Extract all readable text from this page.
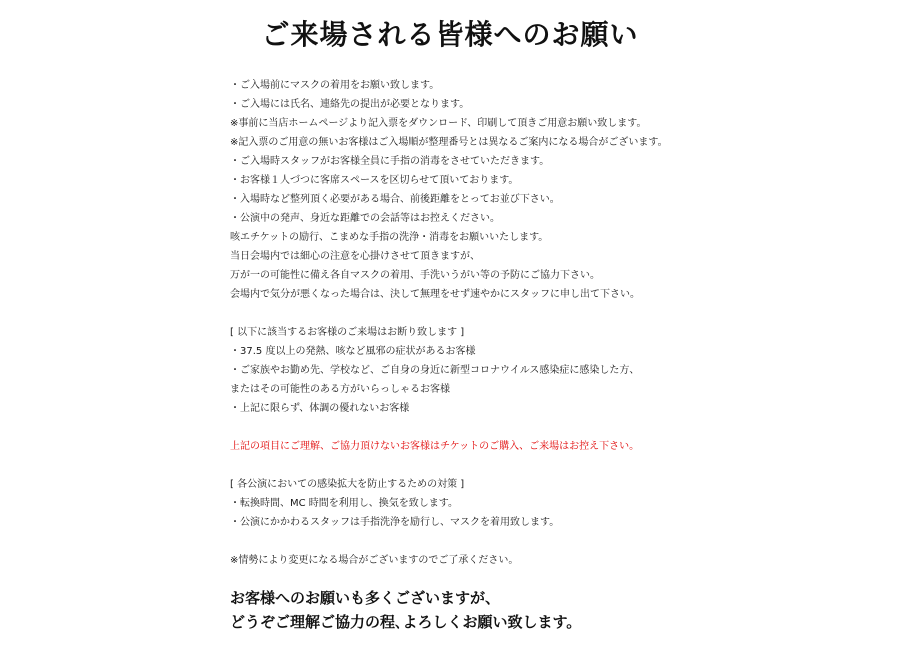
ご来場される皆様へのお願い
・ご入場前にマスクの着用をお願い致します。
・ご入場には氏名、連絡先の提出が必要となります。
※事前に当店ホームページより記入票をダウンロード、印刷して頂きご用意お願い致します。
※記入票のご用意の無いお客様はご入場順が整理番号とは異なるご案内になる場合がございます。
・ご入場時スタッフがお客様全員に手指の消毒をさせていただきます。
・お客様１人づつに客席スペースを区切らせて頂いております。
・入場時など整列頂く必要がある場合、前後距離をとってお並び下さい。
・公演中の発声、身近な距離での会話等はお控えください。
咳エチケットの励行、こまめな手指の洗浄・消毒をお願いいたします。
当日会場内では細心の注意を心掛けさせて頂きますが、
万が一の可能性に備え各自マスクの着用、手洗いうがい等の予防にご協力下さい。
会場内で気分が悪くなった場合は、決して無理をせず速やかにスタッフに申し出て下さい。
[ 以下に該当するお客様のご来場はお断り致します ]
・37.5 度以上の発熱、咳など風邪の症状があるお客様
・ご家族やお勤め先、学校など、ご自身の身近に新型コロナウイルス感染症に感染した方、
またはその可能性のある方がいらっしゃるお客様
・上記に限らず、体調の優れないお客様
上記の項目にご理解、ご協力頂けないお客様はチケットのご購入、ご来場はお控え下さい。
[ 各公演においての感染拡大を防止するための対策 ]
・転換時間、MC 時間を利用し、換気を致します。
・公演にかかわるスタッフは手指洗浄を励行し、マスクを着用致します。
※情勢により変更になる場合がございますのでご了承ください。
お客様へのお願いも多くございますが、
どうぞご理解ご協力の程､よろしくお願い致します。
